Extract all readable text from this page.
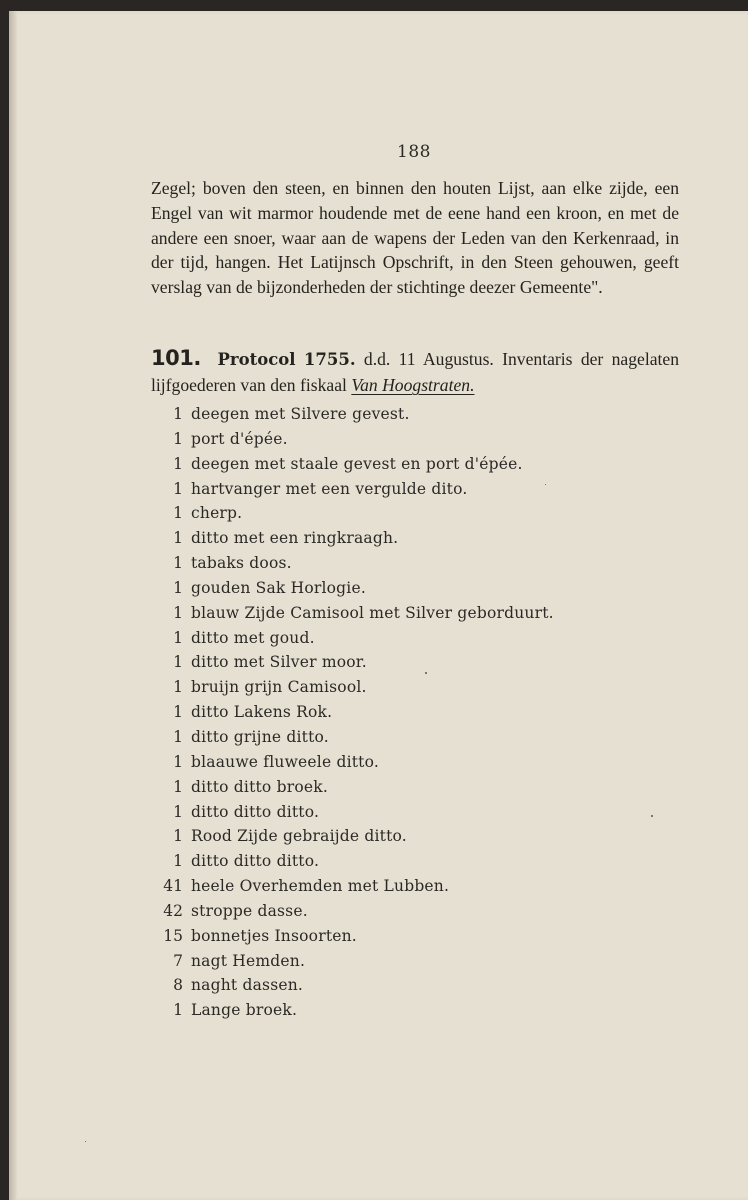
188

Zegel; boven den steen, en binnen den houten Lijst, aan elke zijde, een Engel van wit marmor houdende met de eene hand een kroon, en met de andere een snoer, waar aan de wapens der Leden van den Kerkenraad, in der tijd, hangen. Het Latijnsch Opschrift, in den Steen gehouwen, geeft verslag van de bijzonderheden der stichtinge deezer Gemeente".

101. Protocol 1755. d.d. 11 Augustus. Inventaris der nagelaten lijfgoederen van den fiskaal Van Hoogstraten.

1 deegen met Silvere gevest.
1 port d'épée.
1 deegen met staale gevest en port d'épée.
1 hartvanger met een vergulde dito.
1 cherp.
1 ditto met een ringkraagh.
1 tabaks doos.
1 gouden Sak Horlogie.
1 blauw Zijde Camisool met Silver geborduurt.
1 ditto met goud.
1 ditto met Silver moor.
1 bruijn grijn Camisool.
1 ditto Lakens Rok.
1 ditto grijne ditto.
1 blaauwe fluweele ditto.
1 ditto ditto broek.
1 ditto ditto ditto.
1 Rood Zijde gebraijde ditto.
1 ditto ditto ditto.
41 heele Overhemden met Lubben.
42 stroppe dasse.
15 bonnetjes Insoorten.
7 nagt Hemden.
8 naght dassen.
1 Lange broek.
